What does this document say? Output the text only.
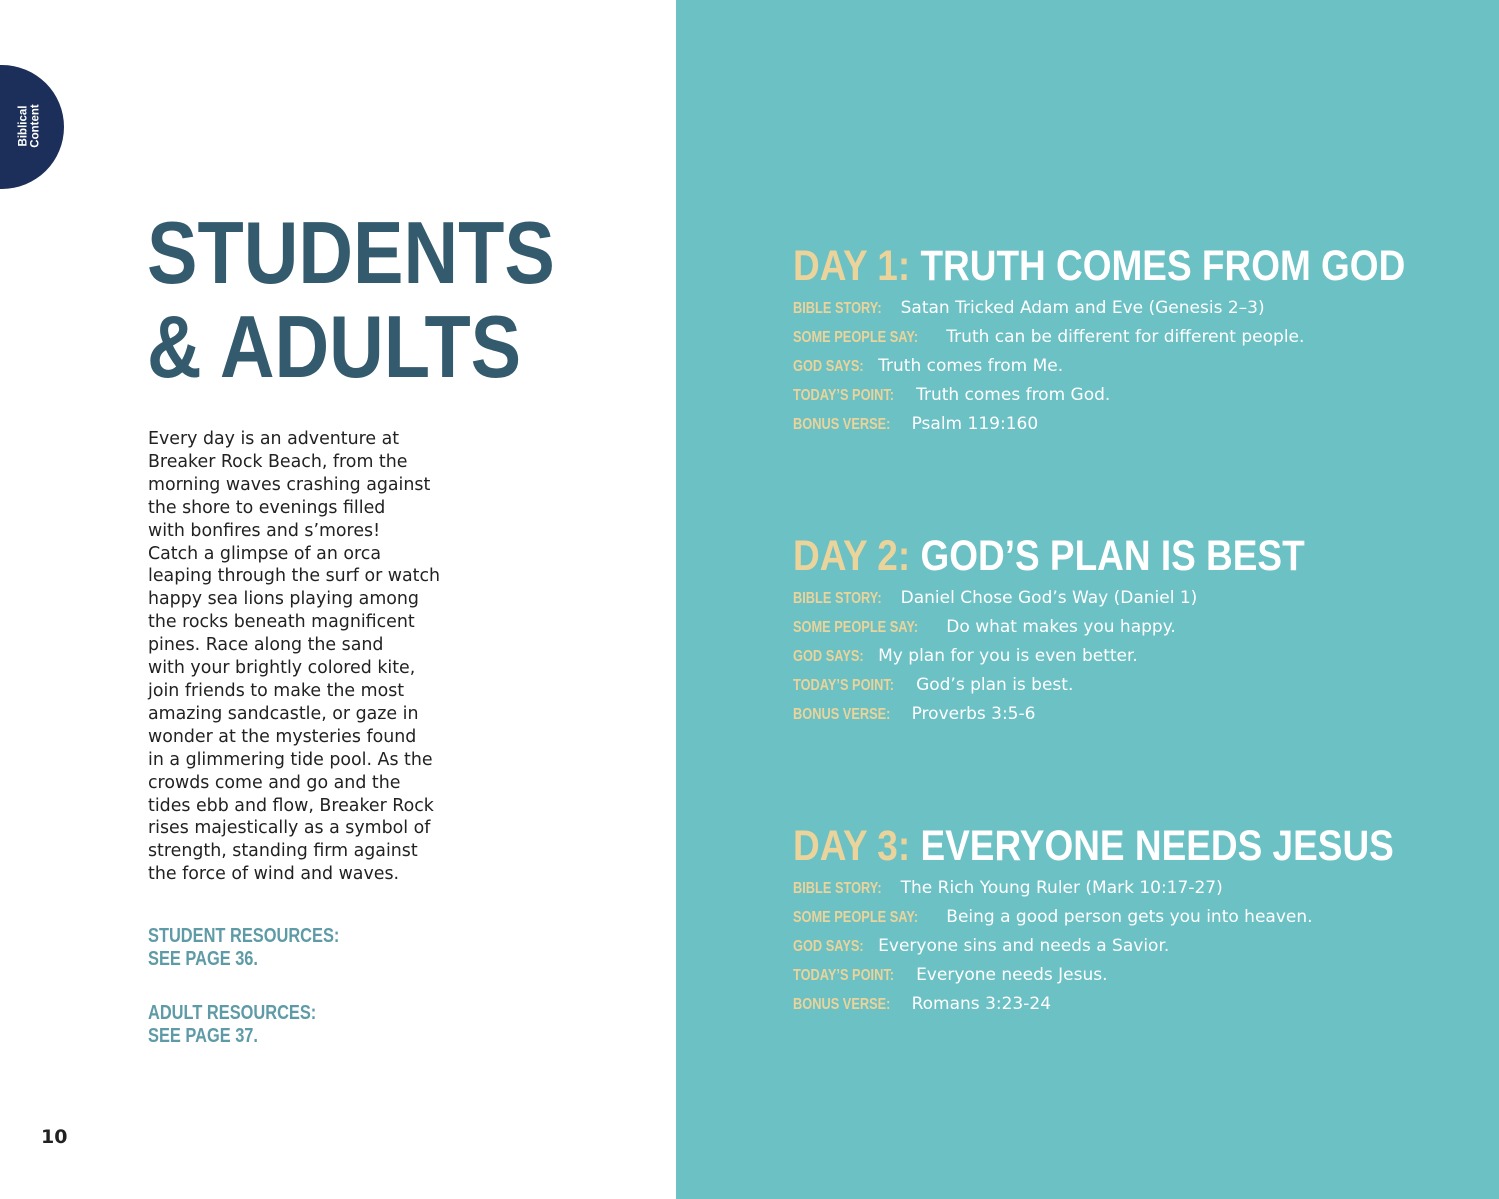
Biblical
Content
STUDENTS
& ADULTS

Every day is an adventure at
Breaker Rock Beach, from the
morning waves crashing against
the shore to evenings filled
with bonfires and s’mores!
Catch a glimpse of an orca
leaping through the surf or watch
happy sea lions playing among
the rocks beneath magnificent
pines. Race along the sand
with your brightly colored kite,
join friends to make the most
amazing sandcastle, or gaze in
wonder at the mysteries found
in a glimmering tide pool. As the
crowds come and go and the
tides ebb and flow, Breaker Rock
rises majestically as a symbol of
strength, standing firm against
the force of wind and waves.

STUDENT RESOURCES:
SEE PAGE 36.

ADULT RESOURCES:
SEE PAGE 37.

10
DAY 1: TRUTH COMES FROM GOD

BIBLE STORY:Satan Tricked Adam and Eve (Genesis 2–3)

SOME PEOPLE SAY:Truth can be different for different people.

GOD SAYS:Truth comes from Me.

TODAY’S POINT:Truth comes from God.

BONUS VERSE:Psalm 119:160

DAY 2: GOD’S PLAN IS BEST

BIBLE STORY:Daniel Chose God’s Way (Daniel 1)

SOME PEOPLE SAY:Do what makes you happy.

GOD SAYS:My plan for you is even better.

TODAY’S POINT:God’s plan is best.

BONUS VERSE:Proverbs 3:5-6

DAY 3: EVERYONE NEEDS JESUS

BIBLE STORY:The Rich Young Ruler (Mark 10:17-27)

SOME PEOPLE SAY:Being a good person gets you into heaven.

GOD SAYS:Everyone sins and needs a Savior.

TODAY’S POINT:Everyone needs Jesus.

BONUS VERSE:Romans 3:23-24
